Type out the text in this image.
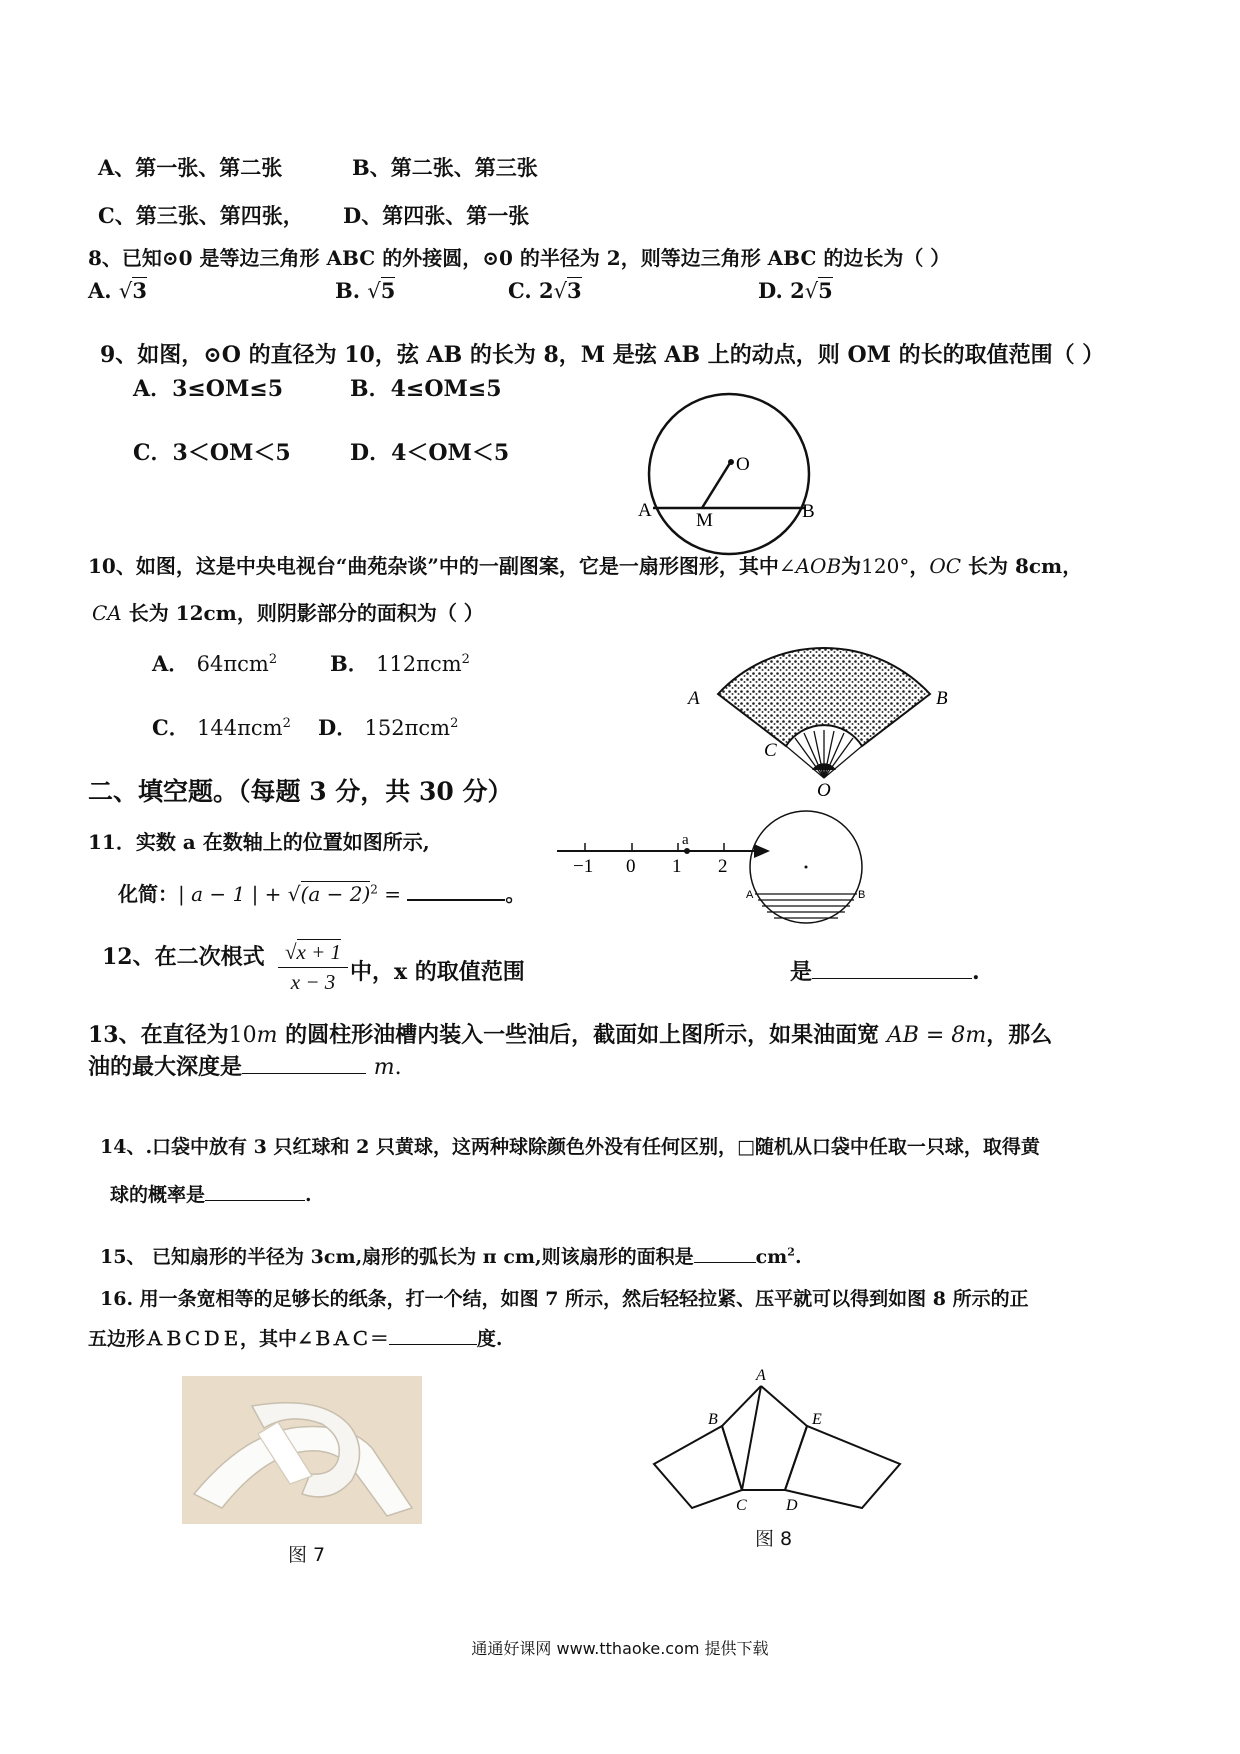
A、第一张、第二张	B、第二张、第三张
C、第三张、第四张， D、第四张、第一张
8、已知⊙0 是等边三角形 ABC 的外接圆，⊙0 的半径为 2，则等边三角形 ABC 的边长为（ ）
A. √3	B. √5	C. 2√3	D. 2√5
9、如图，⊙O 的直径为 10，弦 AB 的长为 8，M 是弦 AB 上的动点，则 OM 的长的取值范围（ ）
A．3≤OM≤5	B．4≤OM≤5
C．3＜OM＜5	D．4＜OM＜5	O
A M	B
10、如图，这是中央电视台“曲苑杂谈”中的一副图案，它是一扇形图形，其中∠AOB为120°，OC 长为 8cm，
CA 长为 12cm，则阴影部分的面积为（ ）
A． 64πcm$^2$	B． 112πcm$^2$
C． 144πcm$^2$ D． 152πcm$^2$
A	B
C
O
二、填空题。（每题 3 分，共 30 分）
11．实数 a 在数轴上的位置如图所示,
化简：| a − 1 | + $√(a - 2)^2$ =	。
−1 0 1 2
a
A	B
12、在二次根式 √x + 1
x − 3 中，x 的取值范围	是	.
13、在直径为10m 的圆柱形油槽内装入一些油后，截面如上图所示，如果油面宽 AB = 8m，那么
油的最大深度是	m.
14、.口袋中放有 3 只红球和 2 只黄球，这两种球除颜色外没有任何区别，□随机从口袋中任取一只球，取得黄
球的概率是	.
15、 已知扇形的半径为 3cm,扇形的弧长为 π cm,则该扇形的面积是	$cm^2$.
16. 用一条宽相等的足够长的纸条，打一个结，如图 7 所示，然后轻轻拉紧、压平就可以得到如图 8 所示的正
五边形ＡＢＣＤＥ，其中∠ＢＡＣ＝	度.
图 7
A
B
C D
E
图 8
通通好课网 www.tthaoke.com 提供下载
